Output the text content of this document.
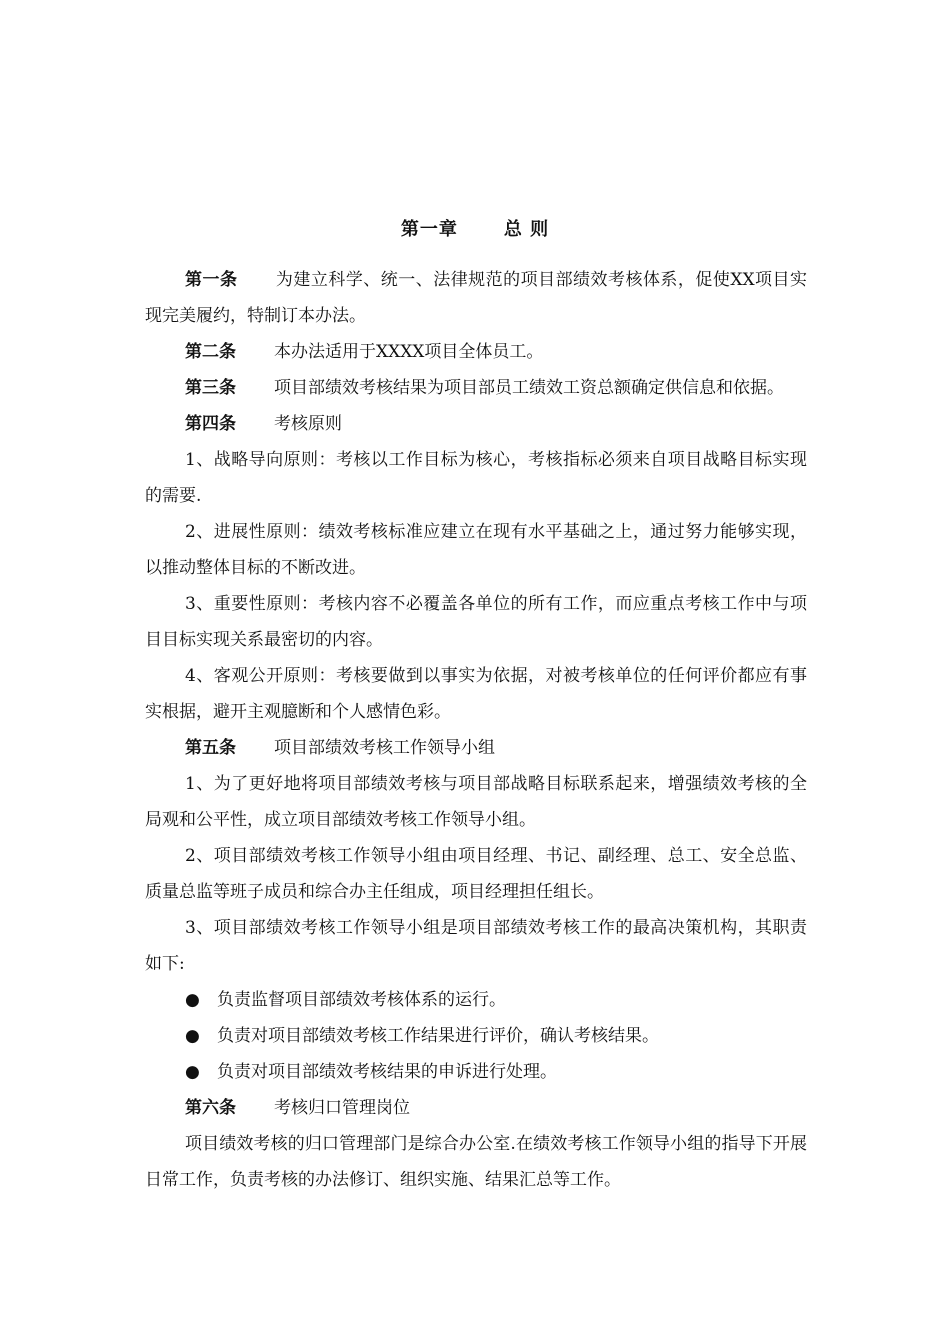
第一章	总 则

第一条 为建立科学、统一、法律规范的项目部绩效考核体系，促使XX项目实现完美履约，特制订本办法。

第二条 本办法适用于XXXX项目全体员工。

第三条 项目部绩效考核结果为项目部员工绩效工资总额确定供信息和依据。

第四条 考核原则

1、战略导向原则：考核以工作目标为核心，考核指标必须来自项目战略目标实现的需要.

2、进展性原则：绩效考核标准应建立在现有水平基础之上，通过努力能够实现，以推动整体目标的不断改进。

3、重要性原则：考核内容不必覆盖各单位的所有工作，而应重点考核工作中与项目目标实现关系最密切的内容。

4、客观公开原则：考核要做到以事实为依据，对被考核单位的任何评价都应有事实根据，避开主观臆断和个人感情色彩。

第五条 项目部绩效考核工作领导小组

1、为了更好地将项目部绩效考核与项目部战略目标联系起来，增强绩效考核的全局观和公平性，成立项目部绩效考核工作领导小组。

2、项目部绩效考核工作领导小组由项目经理、书记、副经理、总工、安全总监、质量总监等班子成员和综合办主任组成，项目经理担任组长。

3、项目部绩效考核工作领导小组是项目部绩效考核工作的最高决策机构，其职责如下:

● 负责监督项目部绩效考核体系的运行。

● 负责对项目部绩效考核工作结果进行评价，确认考核结果。

● 负责对项目部绩效考核结果的申诉进行处理。

第六条 考核归口管理岗位

项目绩效考核的归口管理部门是综合办公室.在绩效考核工作领导小组的指导下开展日常工作，负责考核的办法修订、组织实施、结果汇总等工作。
